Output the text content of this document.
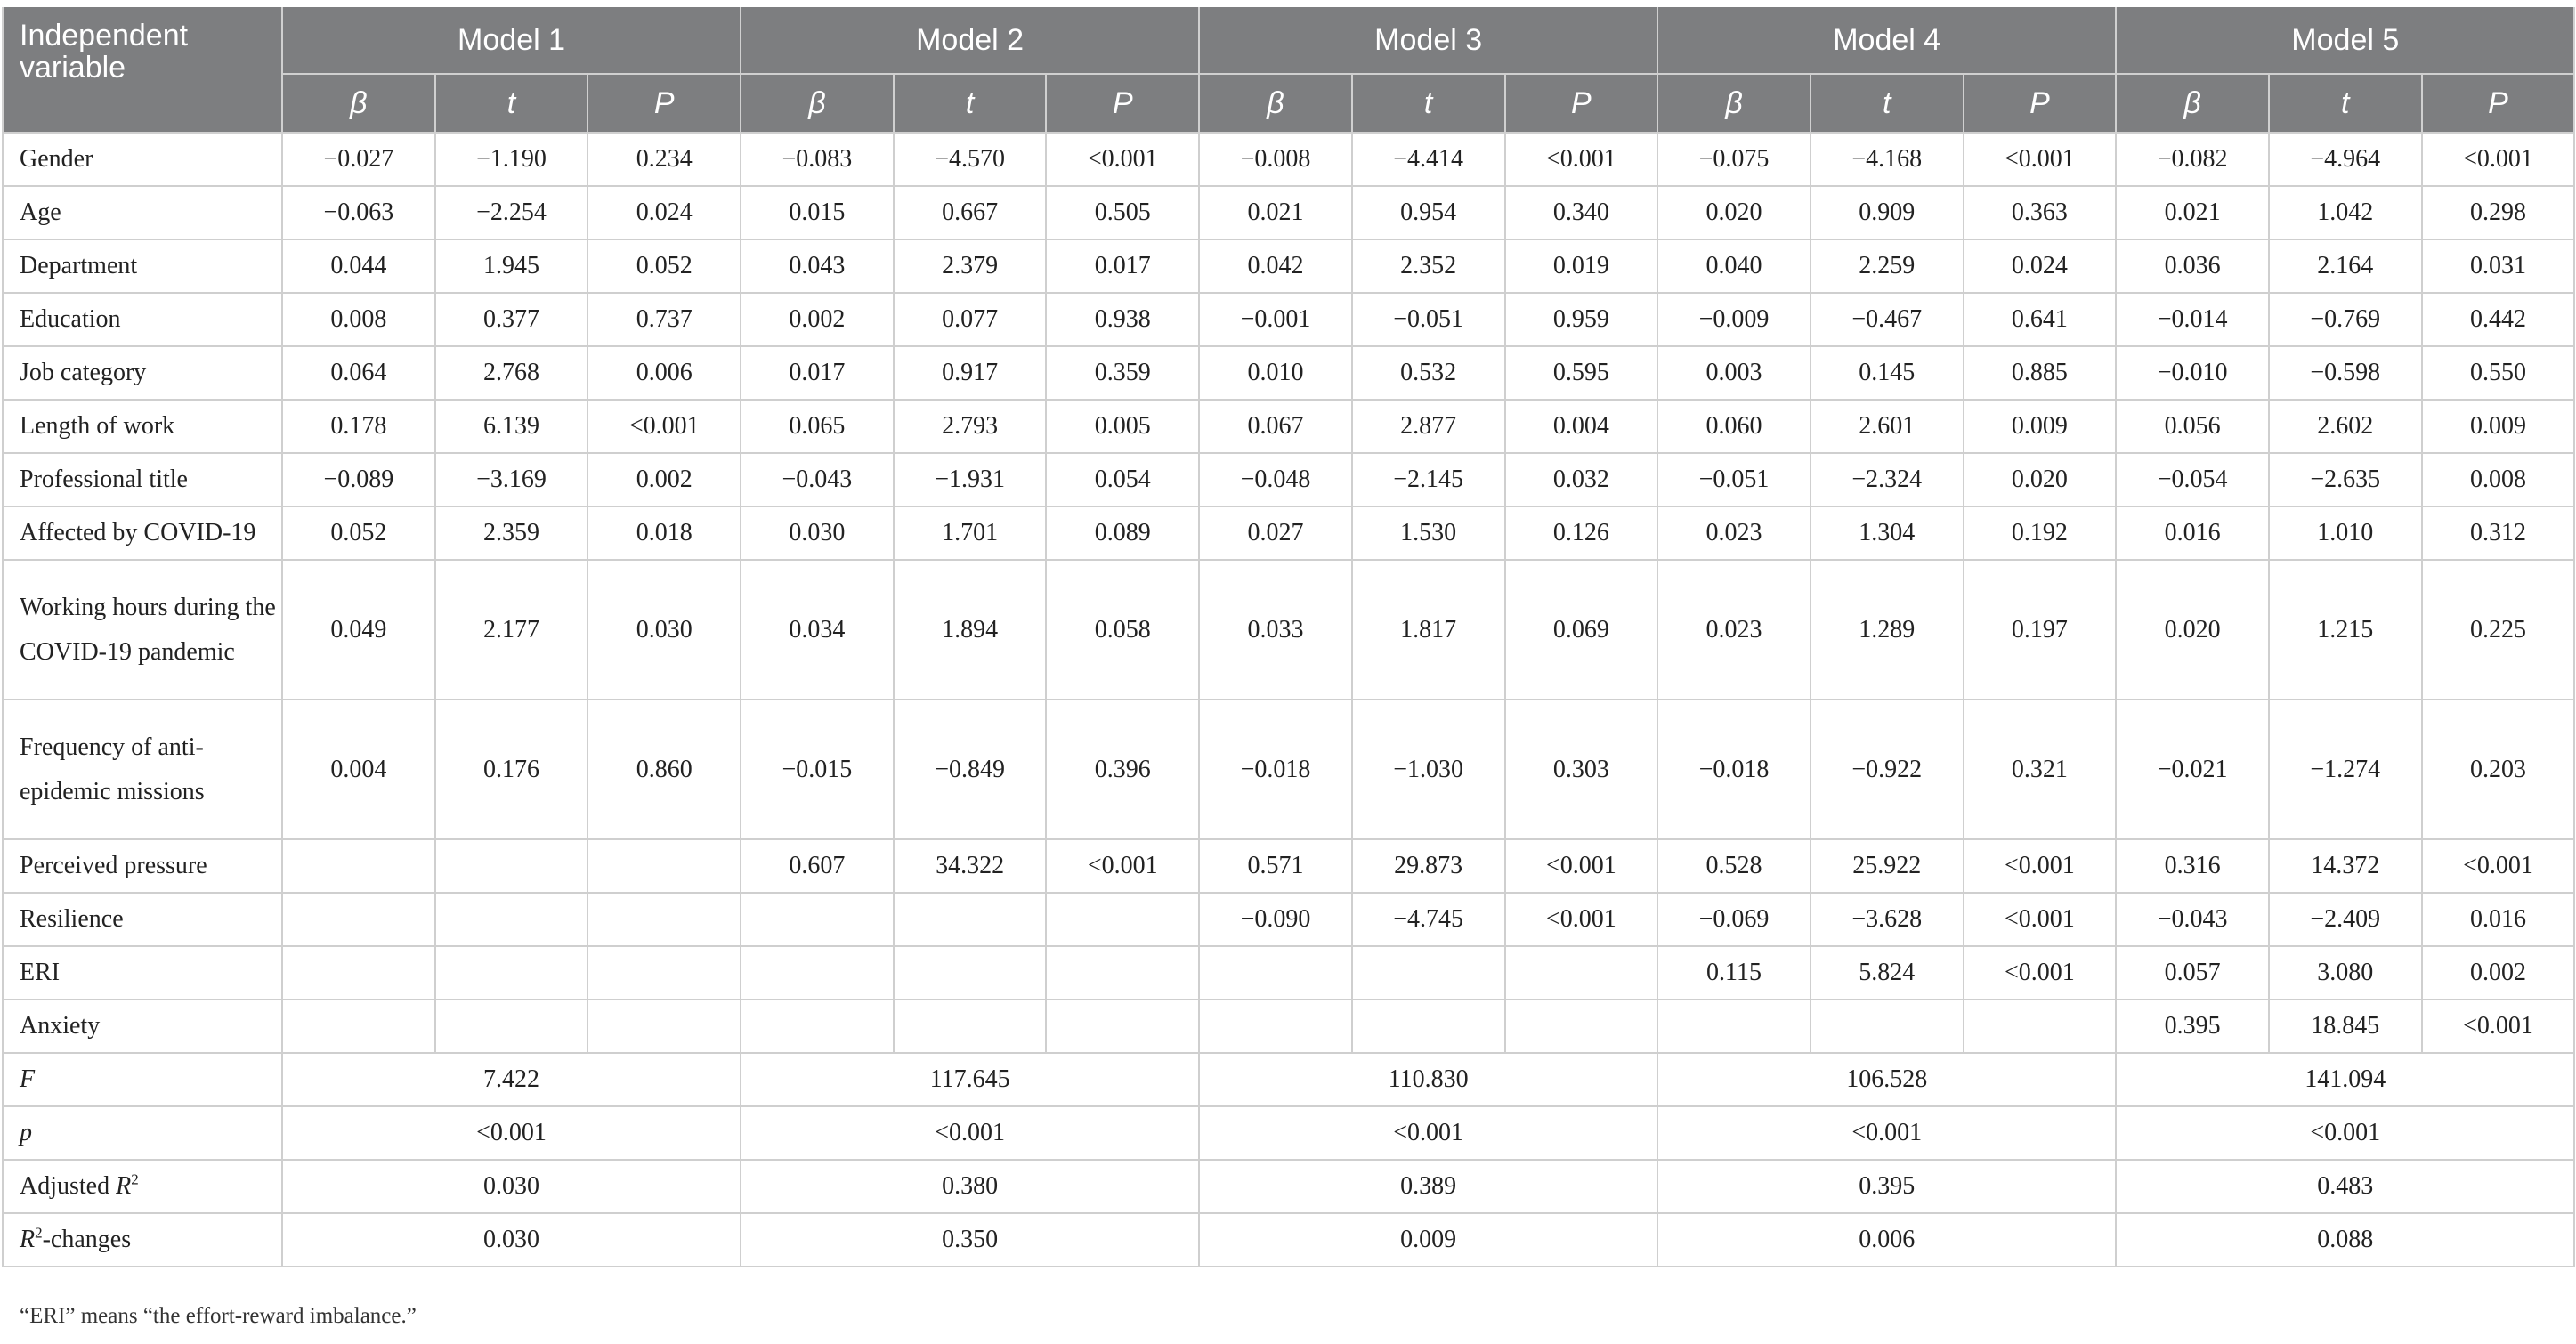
Independent variable	Model 1			Model 2			Model 3			Model 4			Model 5		
	β	t	P	β	t	P	β	t	P	β	t	P	β	t	P
Gender	−0.027	−1.190	0.234	−0.083	−4.570	<0.001	−0.008	−4.414	<0.001	−0.075	−4.168	<0.001	−0.082	−4.964	<0.001
Age	−0.063	−2.254	0.024	0.015	0.667	0.505	0.021	0.954	0.340	0.020	0.909	0.363	0.021	1.042	0.298
Department	0.044	1.945	0.052	0.043	2.379	0.017	0.042	2.352	0.019	0.040	2.259	0.024	0.036	2.164	0.031
Education	0.008	0.377	0.737	0.002	0.077	0.938	−0.001	−0.051	0.959	−0.009	−0.467	0.641	−0.014	−0.769	0.442
Job category	0.064	2.768	0.006	0.017	0.917	0.359	0.010	0.532	0.595	0.003	0.145	0.885	−0.010	−0.598	0.550
Length of work	0.178	6.139	<0.001	0.065	2.793	0.005	0.067	2.877	0.004	0.060	2.601	0.009	0.056	2.602	0.009
Professional title	−0.089	−3.169	0.002	−0.043	−1.931	0.054	−0.048	−2.145	0.032	−0.051	−2.324	0.020	−0.054	−2.635	0.008
Affected by COVID-19	0.052	2.359	0.018	0.030	1.701	0.089	0.027	1.530	0.126	0.023	1.304	0.192	0.016	1.010	0.312
Working hours during the COVID-19 pandemic	0.049	2.177	0.030	0.034	1.894	0.058	0.033	1.817	0.069	0.023	1.289	0.197	0.020	1.215	0.225
Frequency of anti-epidemic missions	0.004	0.176	0.860	−0.015	−0.849	0.396	−0.018	−1.030	0.303	−0.018	−0.922	0.321	−0.021	−1.274	0.203
Perceived pressure				0.607	34.322	<0.001	0.571	29.873	<0.001	0.528	25.922	<0.001	0.316	14.372	<0.001
Resilience							−0.090	−4.745	<0.001	−0.069	−3.628	<0.001	−0.043	−2.409	0.016
ERI										0.115	5.824	<0.001	0.057	3.080	0.002
Anxiety													0.395	18.845	<0.001
F	7.422			117.645			110.830			106.528			141.094		
p	<0.001			<0.001			<0.001			<0.001			<0.001		
Adjusted $R^2$	0.030			0.380			0.389			0.395			0.483		
$R^2$-changes	0.030			0.350			0.009			0.006			0.088		
“ERI” means “the effort-reward imbalance.”
